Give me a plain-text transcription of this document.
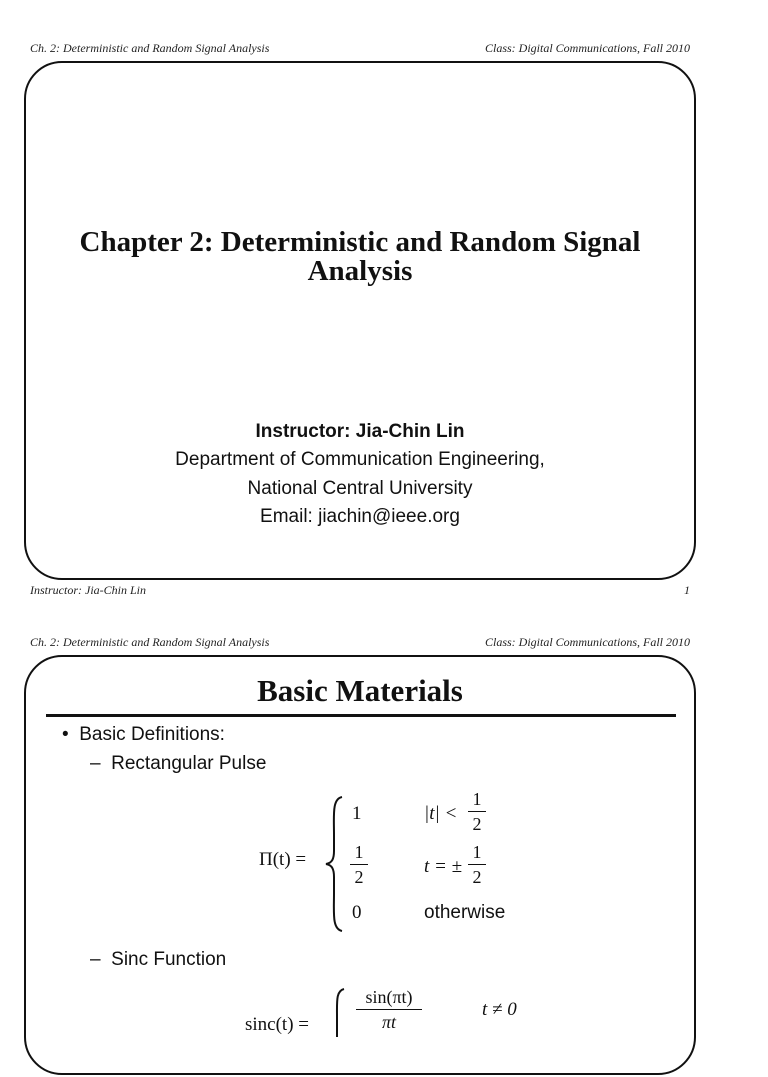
Ch. 2: Deterministic and Random Signal Analysis	Class: Digital Communications, Fall 2010
Chapter 2: Deterministic and Random Signal
Analysis
Instructor: Jia-Chin Lin
Department of Communication Engineering,
National Central University
Email: jiachin@ieee.org
Instructor: Jia-Chin Lin	1
Ch. 2: Deterministic and Random Signal Analysis	Class: Digital Communications, Fall 2010
Basic Materials
• Basic Definitions:
– Rectangular Pulse
Π(t) =
1	|t| <
1
2
1
2	t = ±
1
2
0	otherwise
– Sinc Function
sinc(t) =
sin(πt)
πt
t ≠ 0
